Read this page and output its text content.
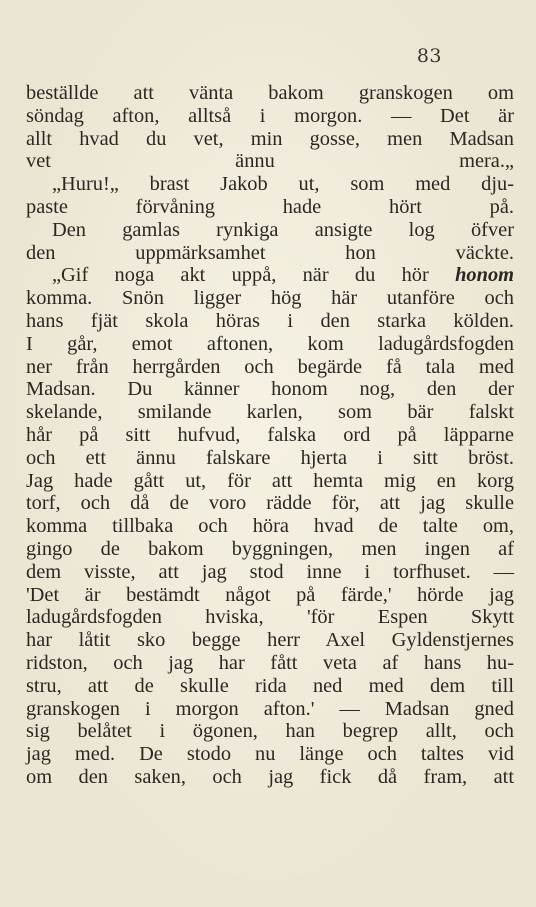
83
beställde att vänta bakom granskogen om
söndag afton, alltså i morgon. — Det är
allt hvad du vet, min gosse, men Madsan
vet ännu mera.„
„Huru!„ brast Jakob ut, som med dju-
paste förvåning hade hört på.
Den gamlas rynkiga ansigte log öfver
den uppmärksamhet hon väckte.
„Gif noga akt uppå, när du hör honom
komma. Snön ligger hög här utanföre och
hans fjät skola höras i den starka kölden.
I går, emot aftonen, kom ladugårdsfogden
ner från herrgården och begärde få tala med
Madsan. Du känner honom nog, den der
skelande, smilande karlen, som bär falskt
hår på sitt hufvud, falska ord på läpparne
och ett ännu falskare hjerta i sitt bröst.
Jag hade gått ut, för att hemta mig en korg
torf, och då de voro rädde för, att jag skulle
komma tillbaka och höra hvad de talte om,
gingo de bakom byggningen, men ingen af
dem visste, att jag stod inne i torfhuset. —
'Det är bestämdt något på färde,' hörde jag
ladugårdsfogden hviska, 'för Espen Skytt
har låtit sko begge herr Axel Gyldenstjernes
ridston, och jag har fått veta af hans hu-
stru, att de skulle rida ned med dem till
granskogen i morgon afton.' — Madsan gned
sig belåtet i ögonen, han begrep allt, och
jag med. De stodo nu länge och taltes vid
om den saken, och jag fick då fram, att
